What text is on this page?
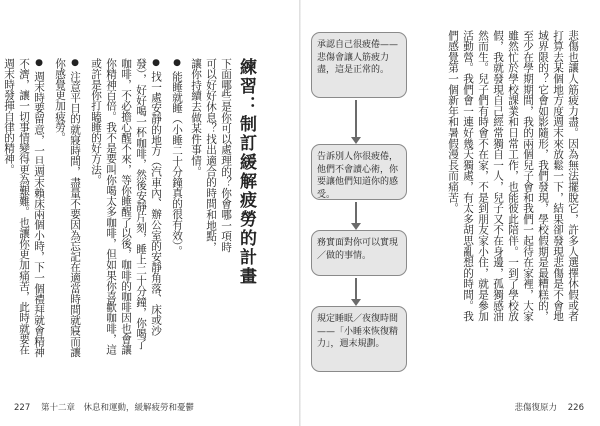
練習：制訂緩解疲勞的計畫

下面哪些是你可以處理的？你會哪一項時可以好好休息？找出適合的時間和地點，讓你持續去做某件事情。

●能睡就睡（小睡二十分鐘真的很有效）。
●找一處安靜的地方（汽車內、辦公室的安靜角落、床或沙發），好好喝一杯咖啡，然後安靜片刻，睡上二十分鐘，你喝了咖啡，不必擔心醒不來，等你睡醒了以後，咖啡的咖啡因也會讓你精神百倍。我不是要叫你喝太多咖啡，但如果你喜歡咖啡，這或許是你打瞌睡的好方法。
●注意平日的就寢時間，盡量不要因為忘記在適當時間就寢而讓你感覺更加疲勞。
●週末時要留意，一旦週末賴床兩個小時，下一個禮拜就會精神不濟，讓一切事情變得更為艱難。也讓你更加痛苦，此時就要在週末時發揮自律的精神。
227 第十二章　休息和運動，緩解疲勞和憂鬱

悲傷也讓人筋疲力盡。因為無法擺脫它，許多人選擇休假或者打算去某個地方度週末來放鬆一下，結果卻發現悲傷是不會地域界限的？它會如影隨形，我們發現，學校假期是最糟糕的，至少在學期期間，我的兩個兒子會和我們一起待在家裡，大家雖然忙於學校課業和日常工作，也能彼此陪伴。一到了學校放假，我就發現自己經常獨自一人，兒子又不在身邊，孤獨感油然而生。兒子們有時會不在家，不是到朋友家小住，就是參加活動營。我們會一連好幾天獨處，有太多胡思亂想的時間。我們感覺第一個新年和暑假漫長而痛苦。

承認自己很疲倦——悲傷會讓人筋疲力盡，這是正常的。
告訴別人你很疲倦，他們不會讀心術，你要讓他們知道你的感受。
務實面對你可以實現／做的事情。
規定睡眠／夜復時間——「小睡來恢復精力」，週末規劃。
悲傷復原力 226
